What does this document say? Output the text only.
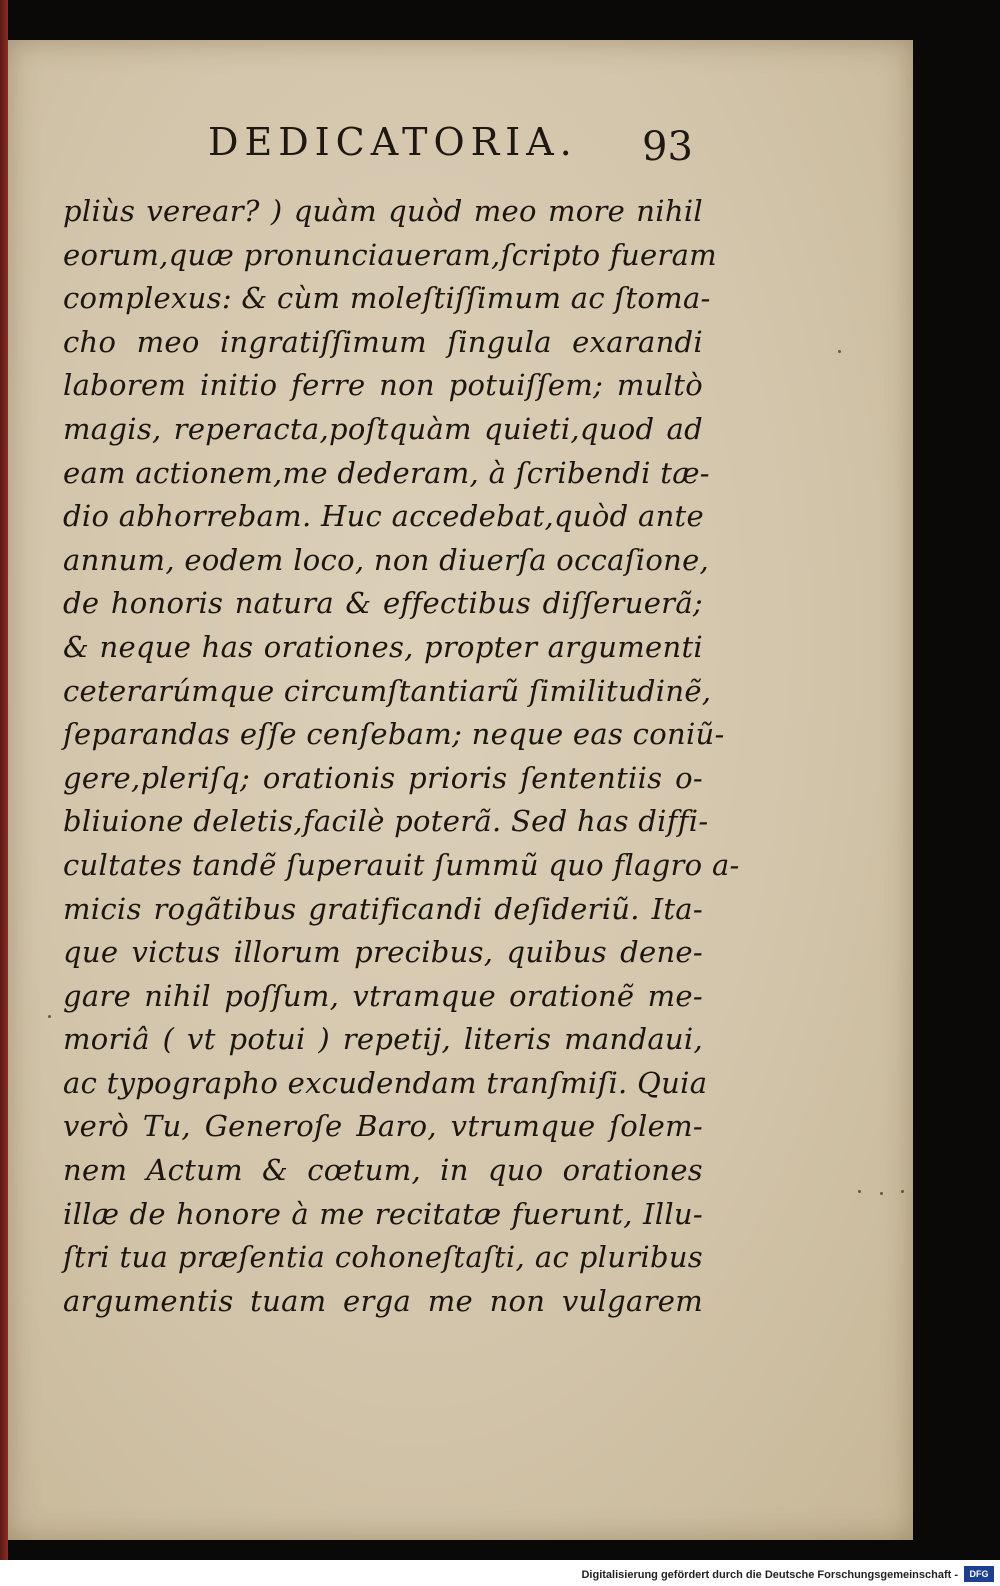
DEDICATORIA.	93
pliùs verear? ) quàm quòd meo more nihil
eorum,quæ pronunciaueram,ſcripto fueram
complexus: & cùm moleſtiſſimum ac ſtoma-
cho meo ingratiſſimum ſingula exarandi
laborem initio ferre non potuiſſem; multò
magis, reperacta,poſtquàm quieti,quod ad
eam actionem,me dederam, à ſcribendi tæ-
dio abhorrebam. Huc accedebat,quòd ante
annum, eodem loco, non diuerſa occaſione,
de honoris natura & effectibus diſſeruerã;
& neque has orationes, propter argumenti
ceterarúmque circumſtantiarũ ſimilitudinẽ,
ſeparandas eſſe cenſebam; neque eas coniũ-
gere,pleriſq; orationis prioris ſententiis o-
bliuione deletis,facilè poterã. Sed has diffi-
cultates tandẽ ſuperauit ſummũ quo flagro a-
micis rogãtibus gratificandi deſideriũ. Ita-
que victus illorum precibus, quibus dene-
gare nihil poſſum, vtramque orationẽ me-
moriâ ( vt potui ) repetij, literis mandaui,
ac typographo excudendam tranſmiſi. Quia
verò Tu, Generoſe Baro, vtrumque ſolem-
nem Actum & cœtum, in quo orationes
illæ de honore à me recitatæ fuerunt, Illu-
ſtri tua præſentia cohoneſtaſti, ac pluribus
argumentis tuam erga me non vulgarem
Digitalisierung gefördert durch die Deutsche Forschungsgemeinschaft -	DFG
